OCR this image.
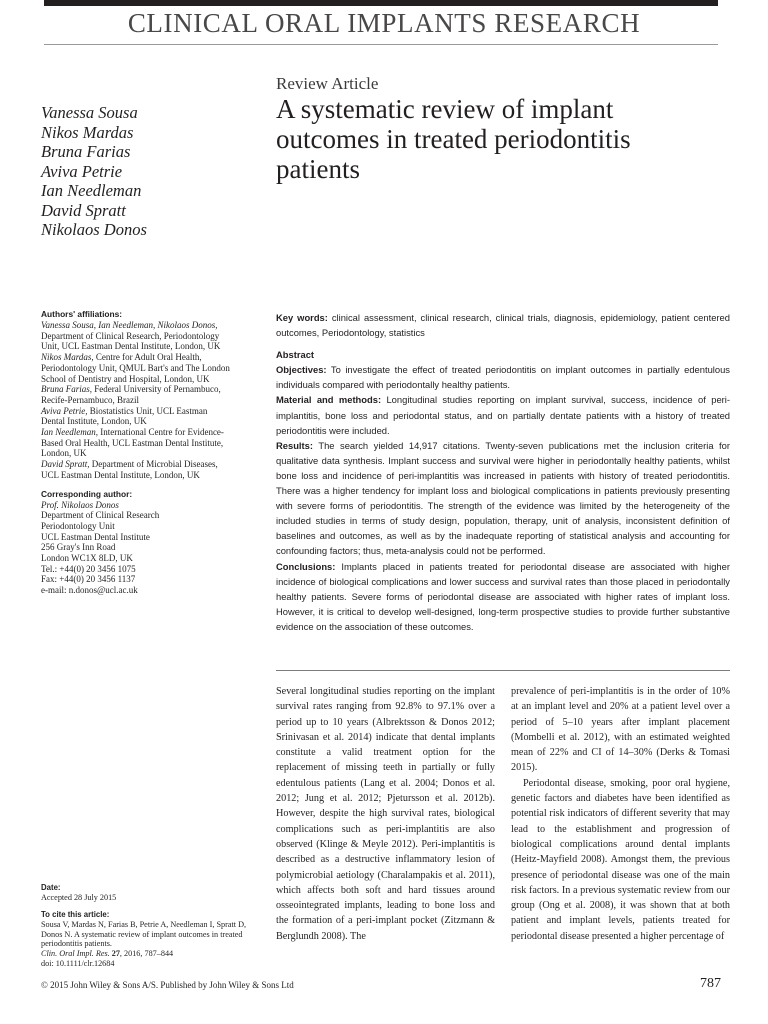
CLINICAL ORAL IMPLANTS RESEARCH
Review Article
A systematic review of implant outcomes in treated periodontitis patients
Vanessa Sousa
Nikos Mardas
Bruna Farias
Aviva Petrie
Ian Needleman
David Spratt
Nikolaos Donos
Authors' affiliations:
Vanessa Sousa, Ian Needleman, Nikolaos Donos,
Department of Clinical Research, Periodontology
Unit, UCL Eastman Dental Institute, London, UK
Nikos Mardas, Centre for Adult Oral Health,
Periodontology Unit, QMUL Bart's and The London
School of Dentistry and Hospital, London, UK
Bruna Farias, Federal University of Pernambuco,
Recife-Pernambuco, Brazil
Aviva Petrie, Biostatistics Unit, UCL Eastman
Dental Institute, London, UK
Ian Needleman, International Centre for Evidence-
Based Oral Health, UCL Eastman Dental Institute,
London, UK
David Spratt, Department of Microbial Diseases,
UCL Eastman Dental Institute, London, UK
Corresponding author:
Prof. Nikolaos Donos
Department of Clinical Research
Periodontology Unit
UCL Eastman Dental Institute
256 Gray's Inn Road
London WC1X 8LD, UK
Tel.: +44(0) 20 3456 1075
Fax: +44(0) 20 3456 1137
e-mail: n.donos@ucl.ac.uk
Date:
Accepted 28 July 2015
To cite this article:
Sousa V, Mardas N, Farias B, Petrie A, Needleman I, Spratt D,
Donos N. A systematic review of implant outcomes in treated
periodontitis patients.
Clin. Oral Impl. Res. 27, 2016, 787–844
doi: 10.1111/clr.12684

Key words: clinical assessment, clinical research, clinical trials, diagnosis, epidemiology, patient centered outcomes, Periodontology, statistics

Abstract

Objectives: To investigate the effect of treated periodontitis on implant outcomes in partially edentulous individuals compared with periodontally healthy patients.

Material and methods: Longitudinal studies reporting on implant survival, success, incidence of peri-implantitis, bone loss and periodontal status, and on partially dentate patients with a history of treated periodontitis were included.

Results: The search yielded 14,917 citations. Twenty-seven publications met the inclusion criteria for qualitative data synthesis. Implant success and survival were higher in periodontally healthy patients, whilst bone loss and incidence of peri-implantitis was increased in patients with history of treated periodontitis. There was a higher tendency for implant loss and biological complications in patients previously presenting with severe forms of periodontitis. The strength of the evidence was limited by the heterogeneity of the included studies in terms of study design, population, therapy, unit of analysis, inconsistent definition of baselines and outcomes, as well as by the inadequate reporting of statistical analysis and accounting for confounding factors; thus, meta-analysis could not be performed.

Conclusions: Implants placed in patients treated for periodontal disease are associated with higher incidence of biological complications and lower success and survival rates than those placed in periodontally healthy patients. Severe forms of periodontal disease are associated with higher rates of implant loss. However, it is critical to develop well-designed, long-term prospective studies to provide further substantive evidence on the association of these outcomes.

Several longitudinal studies reporting on the implant survival rates ranging from 92.8% to 97.1% over a period up to 10 years (Albrektsson & Donos 2012; Srinivasan et al. 2014) indicate that dental implants constitute a valid treatment option for the replacement of missing teeth in partially or fully edentulous patients (Lang et al. 2004; Donos et al. 2012; Jung et al. 2012; Pjetursson et al. 2012b). However, despite the high survival rates, biological complications such as peri-implantitis are also observed (Klinge & Meyle 2012). Peri-implantitis is described as a destructive inflammatory lesion of polymicrobial aetiology (Charalampakis et al. 2011), which affects both soft and hard tissues around osseointegrated implants, leading to bone loss and the formation of a peri-implant pocket (Zitzmann & Berglundh 2008). The

prevalence of peri-implantitis is in the order of 10% at an implant level and 20% at a patient level over a period of 5–10 years after implant placement (Mombelli et al. 2012), with an estimated weighted mean of 22% and CI of 14–30% (Derks & Tomasi 2015).

Periodontal disease, smoking, poor oral hygiene, genetic factors and diabetes have been identified as potential risk indicators of different severity that may lead to the establishment and progression of biological complications around dental implants (Heitz-Mayfield 2008). Amongst them, the previous presence of periodontal disease was one of the main risk factors. In a previous systematic review from our group (Ong et al. 2008), it was shown that at both patient and implant levels, patients treated for periodontal disease presented a higher percentage of

© 2015 John Wiley & Sons A/S. Published by John Wiley & Sons Ltd	787
